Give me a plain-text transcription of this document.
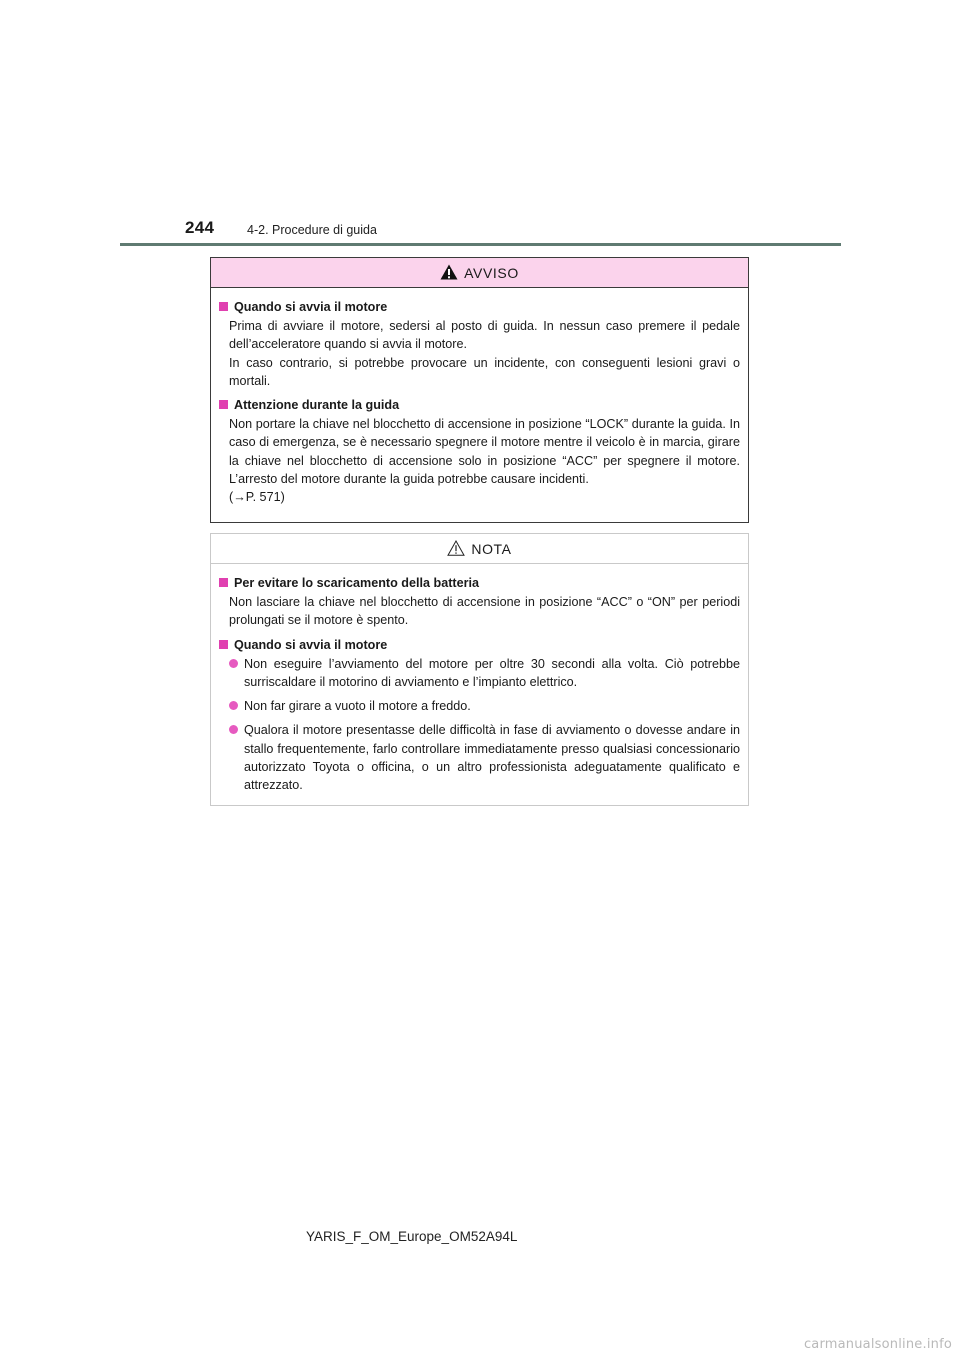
244	4-2. Procedure di guida
AVVISO
Quando si avvia il motore
Prima di avviare il motore, sedersi al posto di guida. In nessun caso premere il pedale dell’acceleratore quando si avvia il motore.
In caso contrario, si potrebbe provocare un incidente, con conseguenti lesioni gravi o mortali.
Attenzione durante la guida
Non portare la chiave nel blocchetto di accensione in posizione “LOCK” durante la guida. In caso di emergenza, se è necessario spegnere il motore mentre il veicolo è in marcia, girare la chiave nel blocchetto di accensione solo in posizione “ACC” per spegnere il motore. L’arresto del motore durante la guida potrebbe causare incidenti.
(→P. 571)
NOTA
Per evitare lo scaricamento della batteria
Non lasciare la chiave nel blocchetto di accensione in posizione “ACC” o “ON” per periodi prolungati se il motore è spento.
Quando si avvia il motore
Non eseguire l’avviamento del motore per oltre 30 secondi alla volta. Ciò potrebbe surriscaldare il motorino di avviamento e l’impianto elettrico.
Non far girare a vuoto il motore a freddo.
Qualora il motore presentasse delle difficoltà in fase di avviamento o dovesse andare in stallo frequentemente, farlo controllare immediatamente presso qualsiasi concessionario autorizzato Toyota o officina, o un altro professionista adeguatamente qualificato e attrezzato.
YARIS_F_OM_Europe_OM52A94L
carmanualsonline.info
